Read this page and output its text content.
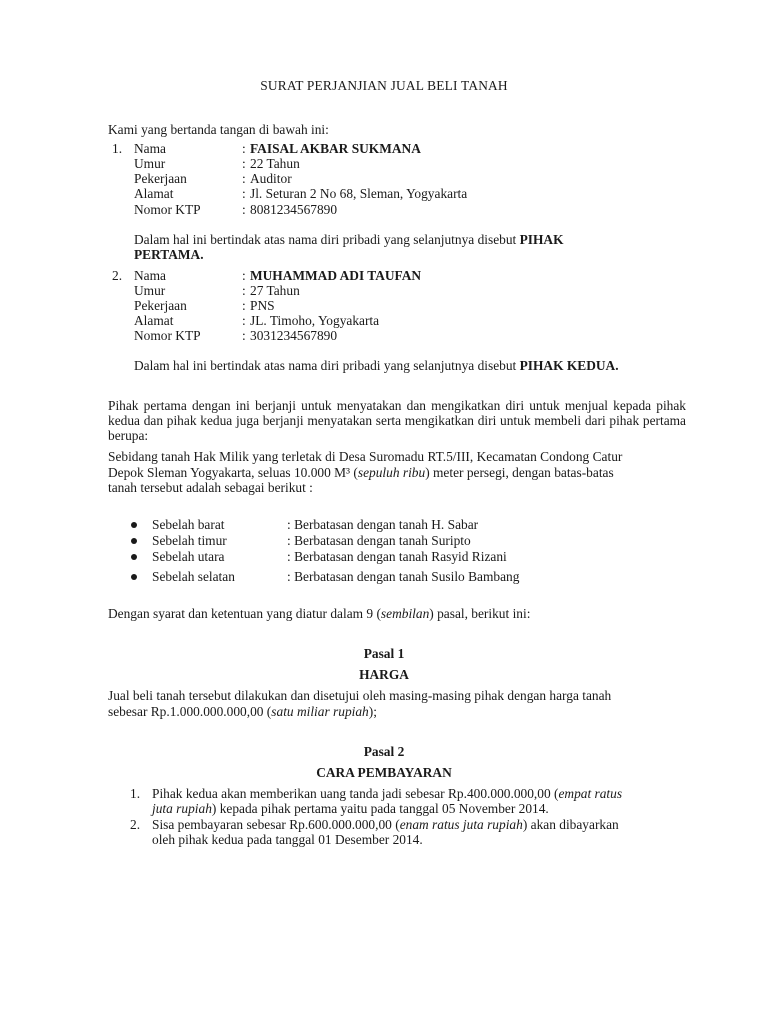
SURAT PERJANJIAN JUAL BELI TANAH
Kami yang bertanda tangan di bawah ini:
1. Nama	: FAISAL AKBAR SUKMANA
Umur	: 22 Tahun
Pekerjaan	: Auditor
Alamat	: Jl. Seturan 2 No 68, Sleman, Yogyakarta
Nomor KTP	: 8081234567890
Dalam hal ini bertindak atas nama diri pribadi yang selanjutnya disebut PIHAK
PERTAMA.
2. Nama	: MUHAMMAD ADI TAUFAN
Umur	: 27 Tahun
Pekerjaan	: PNS
Alamat	: JL. Timoho, Yogyakarta
Nomor KTP	: 3031234567890
Dalam hal ini bertindak atas nama diri pribadi yang selanjutnya disebut PIHAK KEDUA.
Pihak pertama dengan ini berjanji untuk menyatakan dan mengikatkan diri untuk menjual kepada pihak kedua dan pihak kedua juga berjanji menyatakan serta mengikatkan diri untuk membeli dari pihak pertama berupa:
Sebidang tanah Hak Milik yang terletak di Desa Suromadu RT.5/III, Kecamatan Condong Catur
Depok Sleman Yogyakarta, seluas 10.000 M³ (sepuluh ribu) meter persegi, dengan batas-batas
tanah tersebut adalah sebagai berikut :
Sebelah barat	: Berbatasan dengan tanah H. Sabar
Sebelah timur	: Berbatasan dengan tanah Suripto
Sebelah utara	: Berbatasan dengan tanah Rasyid Rizani
Sebelah selatan	: Berbatasan dengan tanah Susilo Bambang
Dengan syarat dan ketentuan yang diatur dalam 9 (sembilan) pasal, berikut ini:
Pasal 1
HARGA
Jual beli tanah tersebut dilakukan dan disetujui oleh masing-masing pihak dengan harga tanah
sebesar Rp.1.000.000.000,00 (satu miliar rupiah);
Pasal 2
CARA PEMBAYARAN
1. Pihak kedua akan memberikan uang tanda jadi sebesar Rp.400.000.000,00 (empat ratus
juta rupiah) kepada pihak pertama yaitu pada tanggal 05 November 2014.
2. Sisa pembayaran sebesar Rp.600.000.000,00 (enam ratus juta rupiah) akan dibayarkan
oleh pihak kedua pada tanggal 01 Desember 2014.
